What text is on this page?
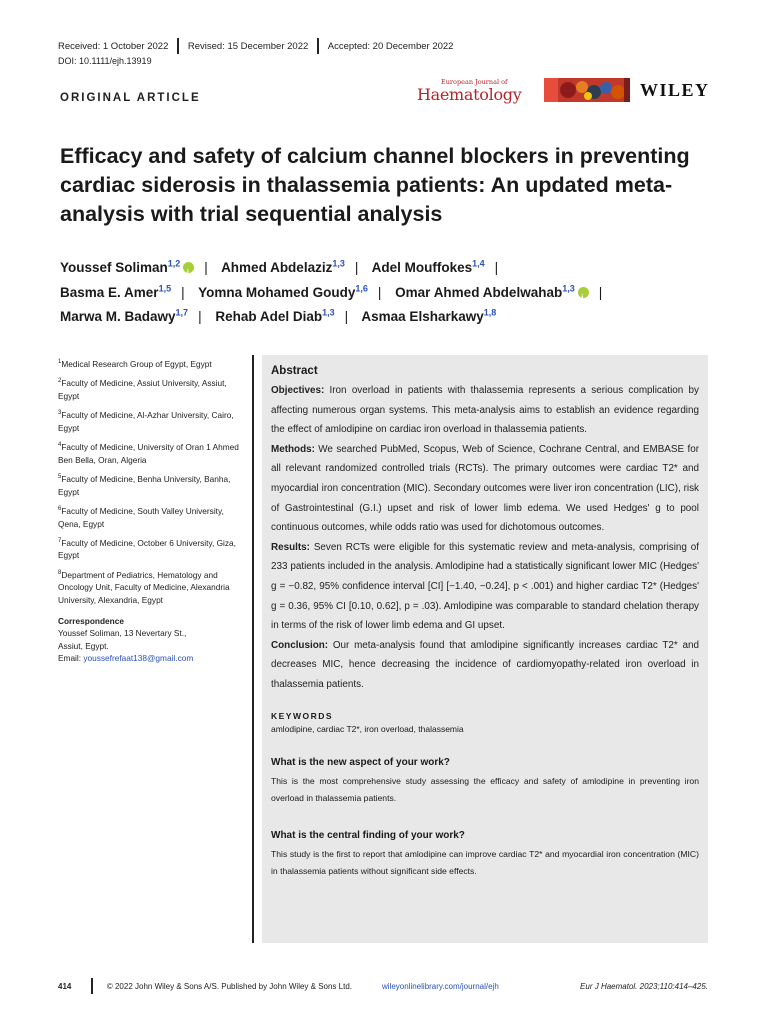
Received: 1 October 2022 Revised: 15 December 2022 Accepted: 20 December 2022
DOI: 10.1111/ejh.13919
ORIGINAL ARTICLE
European Journal of
Haematology	WILEY
Efficacy and safety of calcium channel blockers in preventing cardiac siderosis in thalassemia patients: An updated meta-analysis with trial sequential analysis
Youssef Soliman$^{1,2}$ i | Ahmed Abdelaziz$^{1,3}$ | Adel Mouffokes$^{1,4}$ |
Basma E. Amer$^{1,5}$ | Yomna Mohamed Goudy$^{1,6}$ | Omar Ahmed Abdelwahab$^{1,3}$ i |
Marwa M. Badawy$^{1,7}$ | Rehab Adel Diab$^{1,3}$ | Asmaa Elsharkawy$^{1,8}$
$^1$Medical Research Group of Egypt, Egypt
$^2$Faculty of Medicine, Assiut University, Assiut, Egypt
$^3$Faculty of Medicine, Al-Azhar University, Cairo, Egypt
$^4$Faculty of Medicine, University of Oran 1 Ahmed Ben Bella, Oran, Algeria
$^5$Faculty of Medicine, Benha University, Banha, Egypt
$^6$Faculty of Medicine, South Valley University, Qena, Egypt
$^7$Faculty of Medicine, October 6 University, Giza, Egypt
$^8$Department of Pediatrics, Hematology and Oncology Unit, Faculty of Medicine, Alexandria University, Alexandria, Egypt
Correspondence
Youssef Soliman, 13 Nevertary St.,
Assiut, Egypt.
Email: youssefrefaat138@gmail.com
Abstract
Objectives: Iron overload in patients with thalassemia represents a serious complication by affecting numerous organ systems. This meta-analysis aims to establish an evidence regarding the effect of amlodipine on cardiac iron overload in thalassemia patients.
Methods: We searched PubMed, Scopus, Web of Science, Cochrane Central, and EMBASE for all relevant randomized controlled trials (RCTs). The primary outcomes were cardiac T2* and myocardial iron concentration (MIC). Secondary outcomes were liver iron concentration (LIC), risk of Gastrointestinal (G.I.) upset and risk of lower limb edema. We used Hedges' g to pool continuous outcomes, while odds ratio was used for dichotomous outcomes.
Results: Seven RCTs were eligible for this systematic review and meta-analysis, comprising of 233 patients included in the analysis. Amlodipine had a statistically significant lower MIC (Hedges' g = −0.82, 95% confidence interval [CI] [−1.40, −0.24], p < .001) and higher cardiac T2* (Hedges' g = 0.36, 95% CI [0.10, 0.62], p = .03). Amlodipine was comparable to standard chelation therapy in terms of the risk of lower limb edema and GI upset.
Conclusion: Our meta-analysis found that amlodipine significantly increases cardiac T2* and decreases MIC, hence decreasing the incidence of cardiomyopathy-related iron overload in thalassemia patients.
KEYWORDS
amlodipine, cardiac T2*, iron overload, thalassemia
What is the new aspect of your work?
This is the most comprehensive study assessing the efficacy and safety of amlodipine in preventing iron overload in thalassemia patients.
What is the central finding of your work?
This study is the first to report that amlodipine can improve cardiac T2* and myocardial iron concentration (MIC) in thalassemia patients without significant side effects.
414	© 2022 John Wiley & Sons A/S. Published by John Wiley & Sons Ltd.	wileyonlinelibrary.com/journal/ejh	Eur J Haematol. 2023;110:414–425.
